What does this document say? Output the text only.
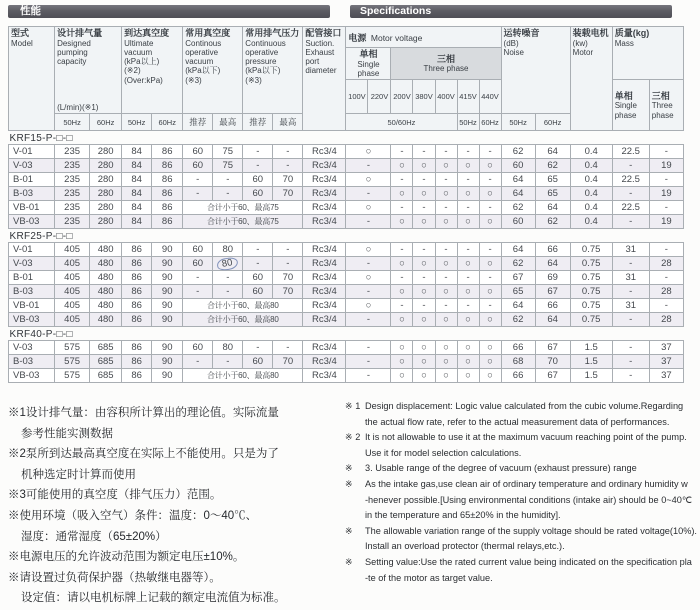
性能	Specifications
型式
Model	设计排气量
Designed pumping capacity
(L/min)(※1)		到达真空度
Ultimate vacuum
(kPa以上)
(※2)
(Over:kPa)		常用真空度
Continous operative vacuum
(kPa以下)
(※3)		常用排气压力
Continuous operative pressure
(kPa以下)
(※3)		配管接口
Suction. Exhaust port diameter	电源 Motor voltage							运转噪音
(dB)
Noise		装载电机
(kw)
Motor	质量(kg)
Mass	

										单相
Single phase		三相
Three phase									

										100V	220V	200V	380V	400V	415V	440V				单相
Single phase	三相
Three phase

	50Hz	60Hz	50Hz	60Hz	推荐	最高	推荐	最高		50/60Hz					50Hz	60Hz	50Hz	60Hz			
KRF15-P-□-□																					
V-01	235	280	84	86	60	75	-	-	Rc3/4	○		-	-	-	-	-	62	64	0.4	22.5	-
V-03	235	280	84	86	60	75	-	-	Rc3/4	-		○	○	○	○	○	60	62	0.4	-	19
B-01	235	280	84	86	-	-	60	70	Rc3/4	○		-	-	-	-	-	64	65	0.4	22.5	-
B-03	235	280	84	86	-	-	60	70	Rc3/4	-		○	○	○	○	○	64	65	0.4	-	19
VB-01	235	280	84	86	合计小于60、最高75				Rc3/4	○		-	-	-	-	-	62	64	0.4	22.5	-
VB-03	235	280	84	86	合计小于60、最高75				Rc3/4	-		○	○	○	○	○	60	62	0.4	-	19
KRF25-P-□-□																					
V-01	405	480	86	90	60	80	-	-	Rc3/4	○		-	-	-	-	-	64	66	0.75	31	-
V-03	405	480	86	90	60	80	-	-	Rc3/4	-		○	○	○	○	○	62	64	0.75	-	28
B-01	405	480	86	90	-	-	60	70	Rc3/4	○		-	-	-	-	-	67	69	0.75	31	-
B-03	405	480	86	90	-	-	60	70	Rc3/4	-		○	○	○	○	○	65	67	0.75	-	28
VB-01	405	480	86	90	合计小于60、最高80				Rc3/4	○		-	-	-	-	-	64	66	0.75	31	-
VB-03	405	480	86	90	合计小于60、最高80				Rc3/4	-		○	○	○	○	○	62	64	0.75	-	28
KRF40-P-□-□																					
V-03	575	685	86	90	60	80	-	-	Rc3/4	-		○	○	○	○	○	66	67	1.5	-	37
B-03	575	685	86	90	-	-	60	70	Rc3/4	-		○	○	○	○	○	68	70	1.5	-	37
VB-03	575	685	86	90	合计小于60、最高80				Rc3/4	-		○	○	○	○	○	66	67	1.5	-	37
※1设计排气量：由容积所计算出的理论值。实际流量
参考性能实测数据
※2泵所到达最高真空度在实际上不能使用。只是为了
机种选定时计算而使用
※3可能使用的真空度（排气压力）范围。
※使用环境（吸入空气）条件：温度：0～40℃、
湿度：通常湿度（65±20%）
※电源电压的允许波动范围为额定电压±10%。
※请设置过负荷保护器（热敏继电器等）。
设定值：请以电机标牌上记载的额定电流值为标准。
※ 1 Design displacement: Logic value calculated from the cubic volume.Regarding
the actual flow rate, refer to the actual measurement data of performances.
※ 2 It is not allowable to use it at the maximum vacuum reaching point of the pump.
Use it for model selection calculations.
※	3. Usable range of the degree of vacuum (exhaust pressure) range
※	As the intake gas,use clean air of ordinary temperature and ordinary humidity w
-henever possible.[Using environmental conditions (intake air) should be 0~40℃
in the temperature and 65±20% in the humidity].
※	The allowable variation range of the supply voltage should be rated voltage(10%).
Install an overload protector (thermal relays,etc.).
※	Setting value:Use the rated current value being indicated on the specification pla
-te of the motor as target value.
